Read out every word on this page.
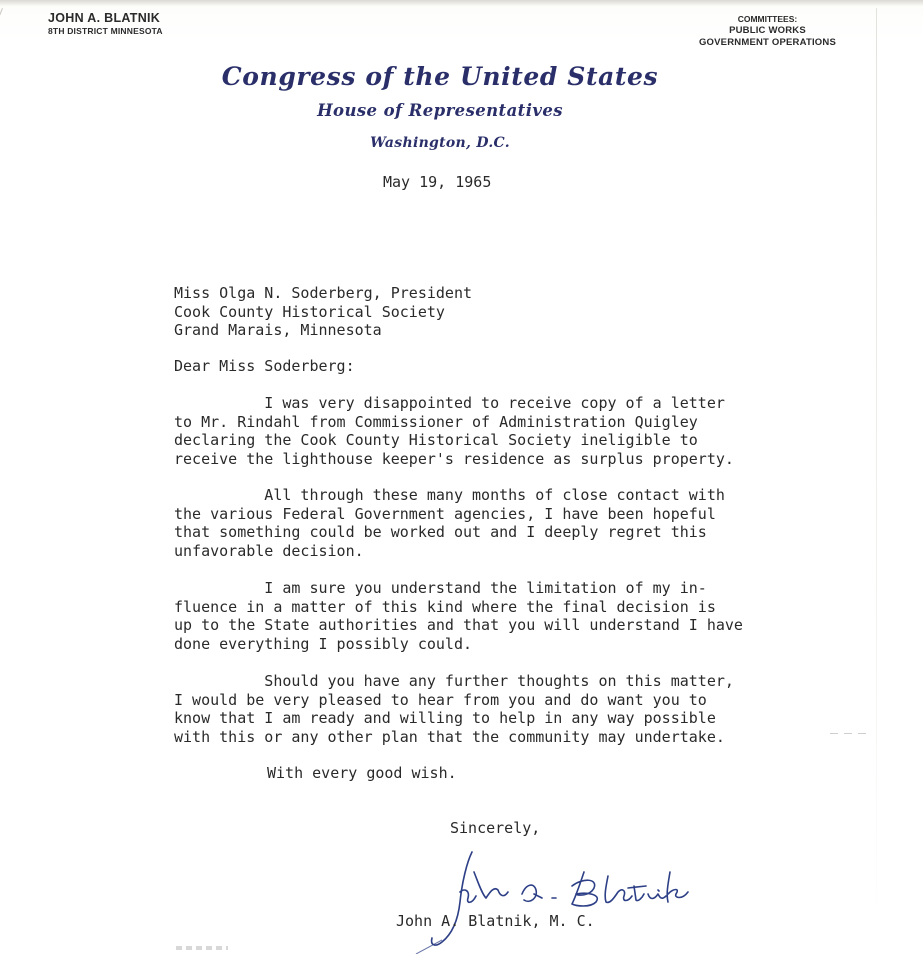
JOHN A. BLATNIK
8TH DISTRICT MINNESOTA
COMMITTEES:
PUBLIC WORKS
GOVERNMENT OPERATIONS
Congress of the United States
House of Representatives
Washington, D.C.
May 19, 1965
Miss Olga N. Soderberg, President
Cook County Historical Society
Grand Marais, Minnesota
Dear Miss Soderberg:
I was very disappointed to receive copy of a letter
to Mr. Rindahl from Commissioner of Administration Quigley
declaring the Cook County Historical Society ineligible to
receive the lighthouse keeper's residence as surplus property.
All through these many months of close contact with
the various Federal Government agencies, I have been hopeful
that something could be worked out and I deeply regret this
unfavorable decision.
I am sure you understand the limitation of my in-
fluence in a matter of this kind where the final decision is
up to the State authorities and that you will understand I have
done everything I possibly could.
Should you have any further thoughts on this matter,
I would be very pleased to hear from you and do want you to
know that I am ready and willing to help in any way possible
with this or any other plan that the community may undertake.
With every good wish.
Sincerely,
John A. Blatnik, M. C.
